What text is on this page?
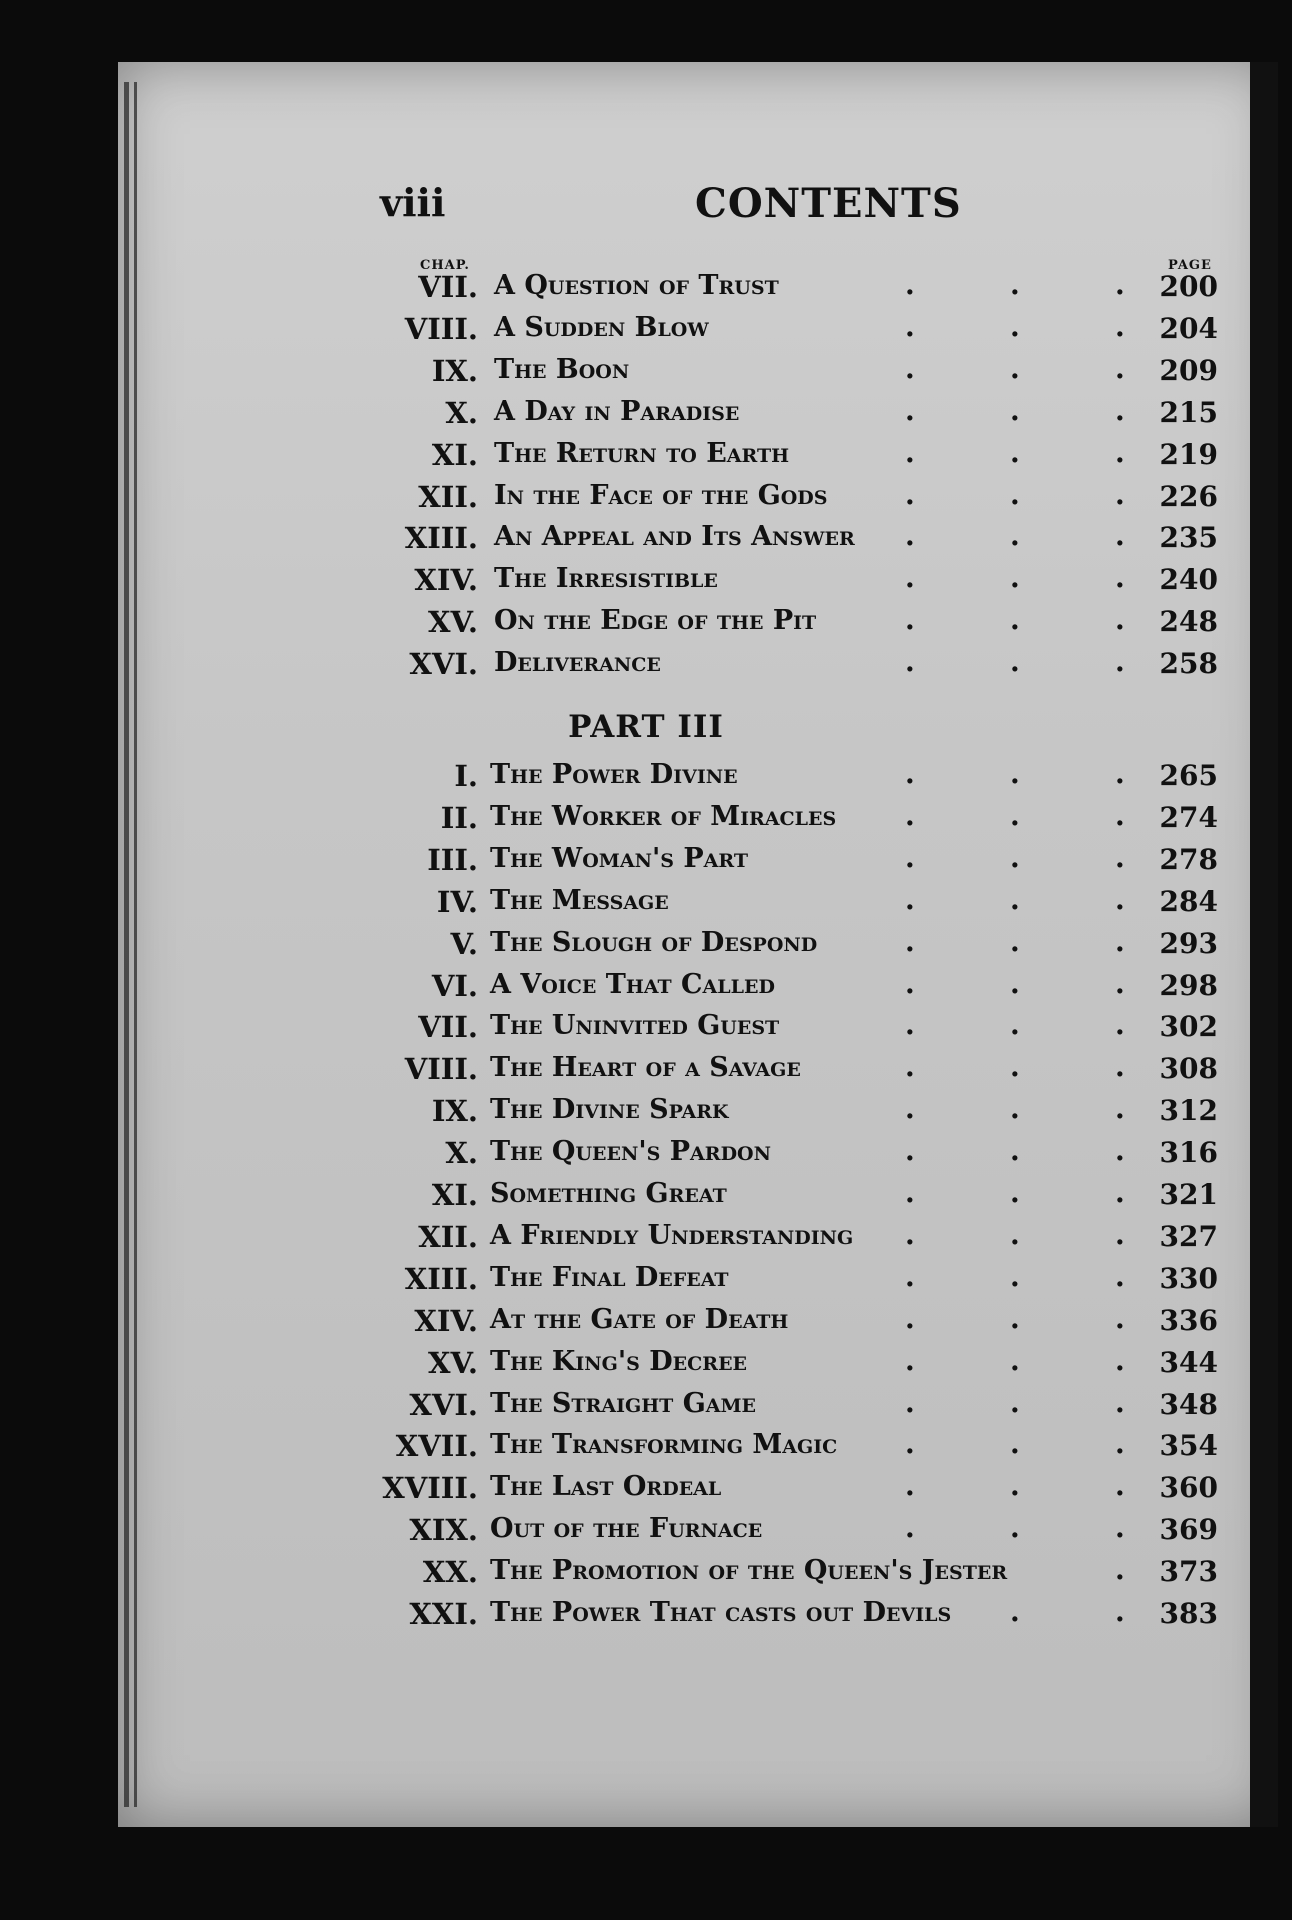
viii	CONTENTS
CHAP.	PAGE
VII. A Question of Trust	200
.	.	.
VIII. A Sudden Blow	204
.	.	.
IX. The Boon	209
.	.	.
X. A Day in Paradise	215
.	.	.
XI. The Return to Earth	219
.	.	.
XII. In the Face of the Gods	226
.	.	.
XIII. An Appeal and Its Answer	235
.	.	.
XIV. The Irresistible	240
.	.	.
XV. On the Edge of the Pit	248
.	.	.
XVI. Deliverance	258
.	.	.
PART III
I. The Power Divine	265
.	.	.
II. The Worker of Miracles	274
.	.	.
III. The Woman's Part	278
.	.	.
IV. The Message	284
.	.	.
V. The Slough of Despond	293
.	.	.
VI. A Voice That Called	298
.	.	.
VII. The Uninvited Guest	302
.	.	.
VIII. The Heart of a Savage	308
.	.	.
IX. The Divine Spark	312
.	.	.
X. The Queen's Pardon	316
.	.	.
XI. Something Great	321
.	.	.
XII. A Friendly Understanding	327
.	.	.
XIII. The Final Defeat	330
.	.	.
XIV. At the Gate of Death	336
.	.	.
XV. The King's Decree	344
.	.	.
XVI. The Straight Game	348
.	.	.
XVII. The Transforming Magic	354
.	.	.
XVIII. The Last Ordeal	360
.	.	.
XIX. Out of the Furnace	369
.	.	.
XX. The Promotion of the Queen's Jester	373
.
XXI. The Power That casts out Devils	383
.	.
